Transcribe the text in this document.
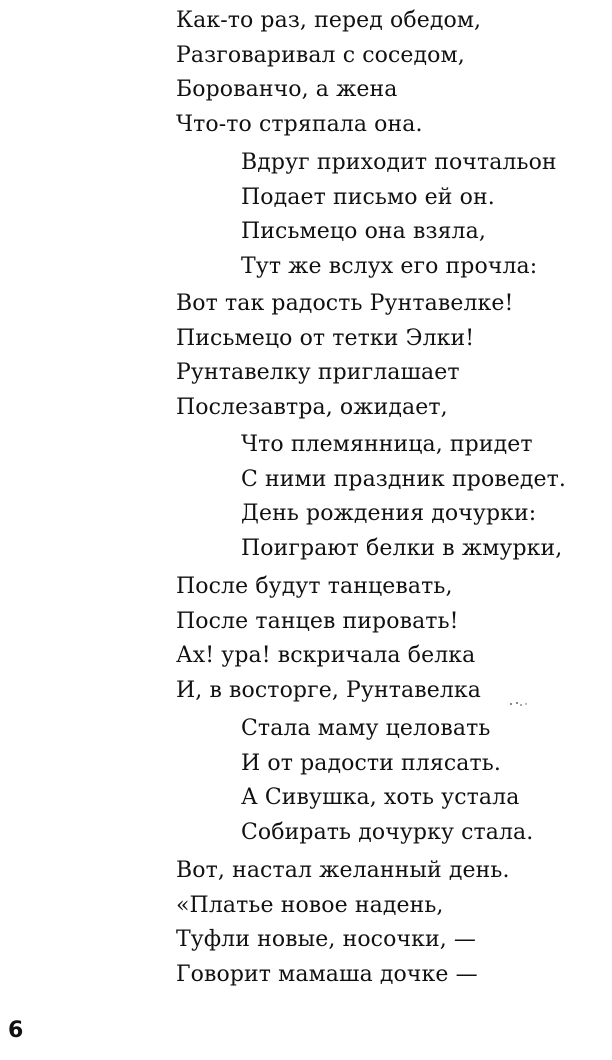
Как-то раз, перед обедом,
Разговаривал с соседом,
Борованчо, а жена
Что-то стряпала она.
Вдруг приходит почтальон
Подает письмо ей он.
Письмецо она взяла,
Тут же вслух его прочла:
Вот так радость Рунтавелке!
Письмецо от тетки Элки!
Рунтавелку приглашает
Послезавтра, ожидает,
Что племянница, придет
С ними праздник проведет.
День рождения дочурки:
Поиграют белки в жмурки,
После будут танцевать,
После танцев пировать!
Ах! ура! вскричала белка
И, в восторге, Рунтавелка
Стала маму целовать
И от радости плясать.
А Сивушка, хоть устала
Собирать дочурку стала.
Вот, настал желанный день.
«Платье новое надень,
Туфли новые, носочки, —
Говорит мамаша дочке —
6
